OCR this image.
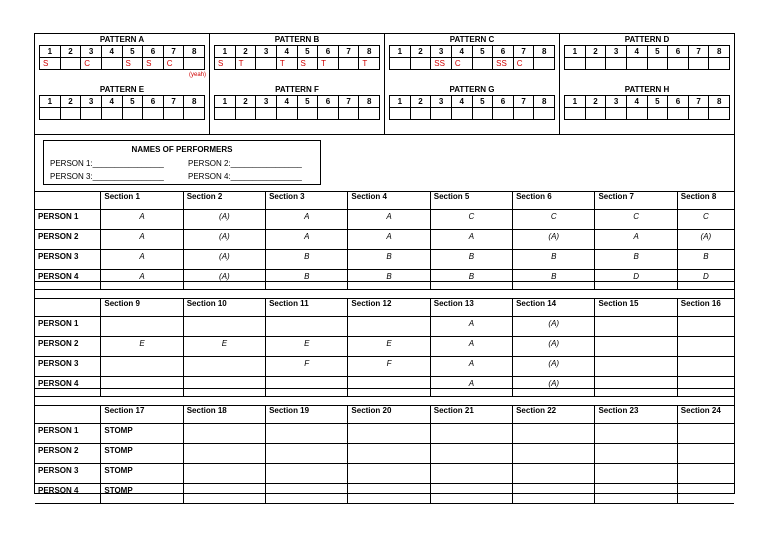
PATTERN A
1	2	3	4	5	6	7	8
S		C		S	S	C	
(yeah)
PATTERN B
1	2	3	4	5	6	7	8
S	T		T	S	T		T
PATTERN C
1	2	3	4	5	6	7	8
		SS	C		SS	C	
PATTERN D
1	2	3	4	5	6	7	8

PATTERN E
1	2	3	4	5	6	7	8

PATTERN F
1	2	3	4	5	6	7	8

PATTERN G
1	2	3	4	5	6	7	8

PATTERN H
1	2	3	4	5	6	7	8

NAMES OF PERFORMERS
PERSON 1:________________	PERSON 2:________________
PERSON 3:________________	PERSON 4:________________
	Section 1	Section 2	Section 3	Section 4	Section 5	Section 6	Section 7	Section 8
PERSON 1	A	(A)	A	A	C	C	C	C
PERSON 2	A	(A)	A	A	A	(A)	A	(A)
PERSON 3	A	(A)	B	B	B	B	B	B
PERSON 4	A	(A)	B	B	B	B	D	D
	Section 9	Section 10	Section 11	Section 12	Section 13	Section 14	Section 15	Section 16
PERSON 1					A	(A)		
PERSON 2	E	E	E	E	A	(A)		
PERSON 3			F	F	A	(A)		
PERSON 4					A	(A)		
	Section 17	Section 18	Section 19	Section 20	Section 21	Section 22	Section 23	Section 24
PERSON 1	STOMP							
PERSON 2	STOMP							
PERSON 3	STOMP							
PERSON 4	STOMP							
